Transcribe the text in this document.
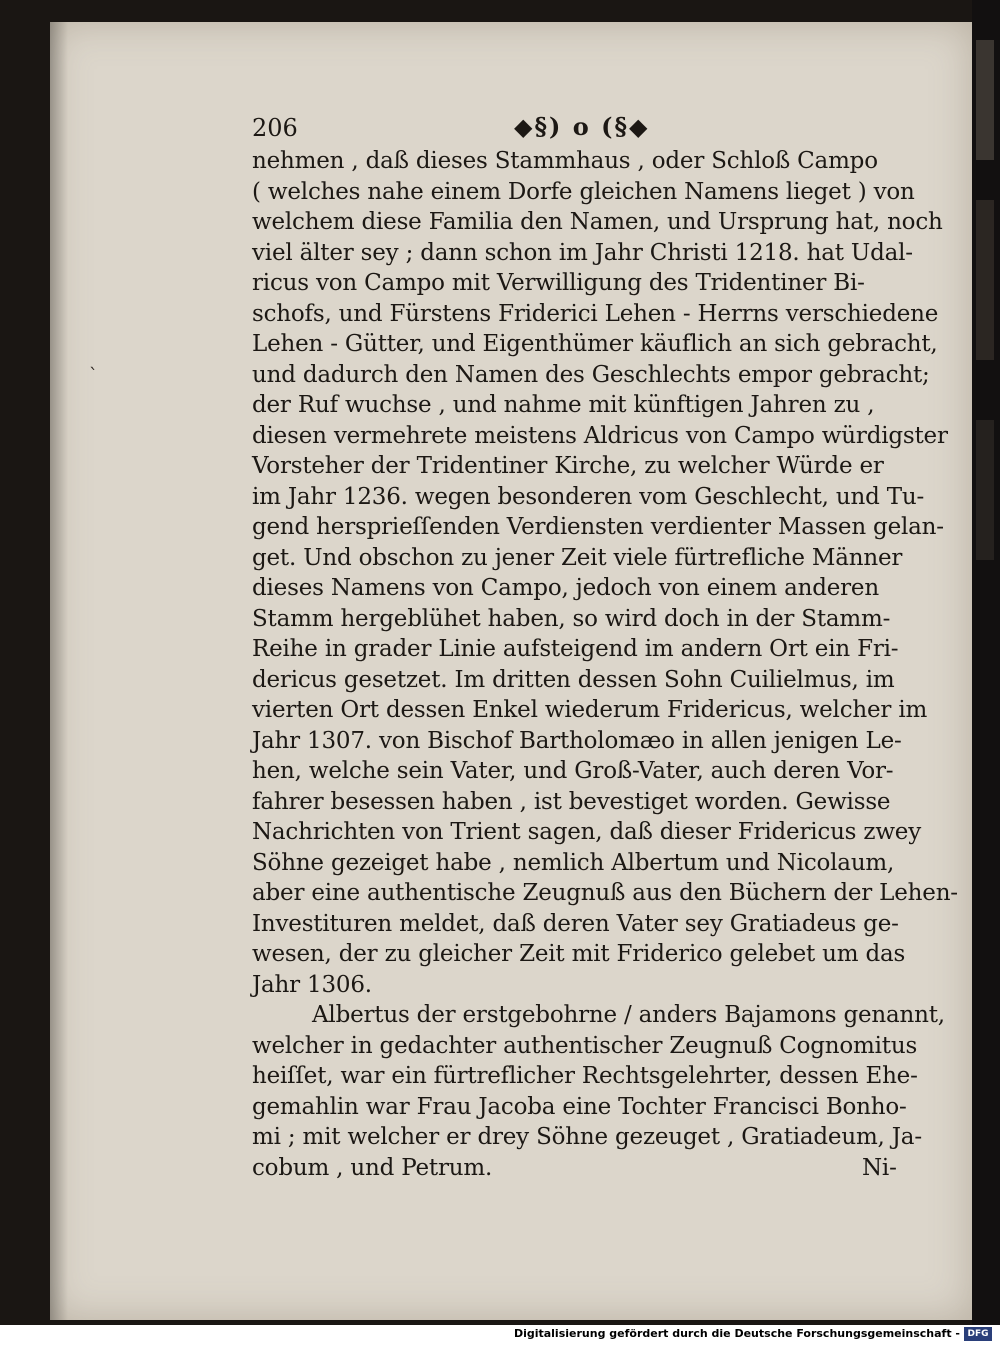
`
206	◆§) o (§◆
nehmen , daß dieses Stammhaus , oder Schloß Campo
( welches nahe einem Dorfe gleichen Namens lieget ) von
welchem diese Familia den Namen, und Ursprung hat, noch
viel älter sey ; dann schon im Jahr Christi 1218. hat Udal-
ricus von Campo mit Verwilligung des Tridentiner Bi-
schofs, und Fürstens Friderici Lehen - Herrns verschiedene
Lehen - Gütter, und Eigenthümer käuflich an sich gebracht,
und dadurch den Namen des Geschlechts empor gebracht;
der Ruf wuchse , und nahme mit künftigen Jahren zu ,
diesen vermehrete meistens Aldricus von Campo würdigster
Vorsteher der Tridentiner Kirche, zu welcher Würde er
im Jahr 1236. wegen besonderen vom Geschlecht, und Tu-
gend hersprieſſenden Verdiensten verdienter Massen gelan-
get. Und obschon zu jener Zeit viele fürtrefliche Männer
dieses Namens von Campo, jedoch von einem anderen
Stamm hergeblühet haben, so wird doch in der Stamm-
Reihe in grader Linie aufsteigend im andern Ort ein Fri-
dericus gesetzet. Im dritten dessen Sohn Cuilielmus, im
vierten Ort dessen Enkel wiederum Fridericus, welcher im
Jahr 1307. von Bischof Bartholomæo in allen jenigen Le-
hen, welche sein Vater, und Groß-Vater, auch deren Vor-
fahrer besessen haben , ist bevestiget worden. Gewisse
Nachrichten von Trient sagen, daß dieser Fridericus zwey
Söhne gezeiget habe , nemlich Albertum und Nicolaum,
aber eine authentische Zeugnuß aus den Büchern der Lehen-
Investituren meldet, daß deren Vater sey Gratiadeus ge-
wesen, der zu gleicher Zeit mit Friderico gelebet um das
Jahr 1306.
Albertus der erstgebohrne / anders Bajamons genannt,
welcher in gedachter authentischer Zeugnuß Cognomitus
heiſſet, war ein fürtreflicher Rechtsgelehrter, dessen Ehe-
gemahlin war Frau Jacoba eine Tochter Francisci Bonho-
mi ; mit welcher er drey Söhne gezeuget , Gratiadeum, Ja-
cobum , und Petrum.	Ni-
Digitalisierung gefördert durch die Deutsche Forschungsgemeinschaft - DFG
